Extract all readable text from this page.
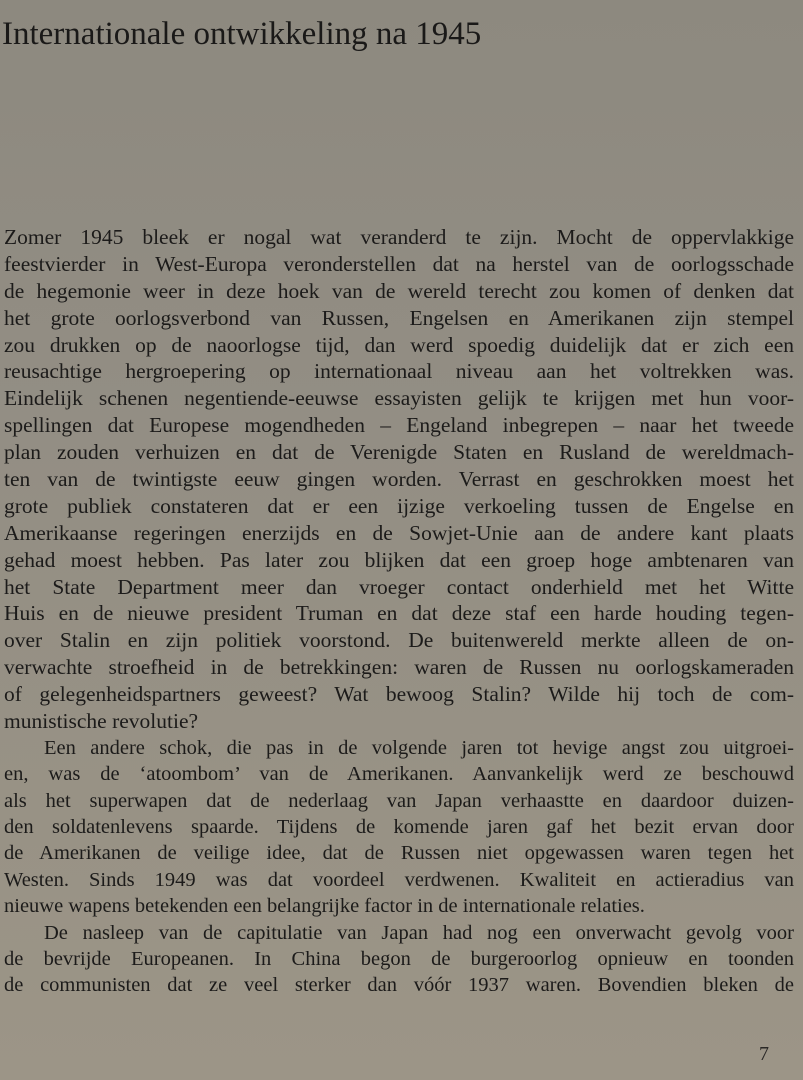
Internationale ontwikkeling na 1945
Zomer 1945 bleek er nogal wat veranderd te zijn. Mocht de oppervlakkige
feestvierder in West-Europa veronderstellen dat na herstel van de oorlogsschade
de hegemonie weer in deze hoek van de wereld terecht zou komen of denken dat
het grote oorlogsverbond van Russen, Engelsen en Amerikanen zijn stempel
zou drukken op de naoorlogse tijd, dan werd spoedig duidelijk dat er zich een
reusachtige hergroepering op internationaal niveau aan het voltrekken was.
Eindelijk schenen negentiende-eeuwse essayisten gelijk te krijgen met hun voor-
spellingen dat Europese mogendheden – Engeland inbegrepen – naar het tweede
plan zouden verhuizen en dat de Verenigde Staten en Rusland de wereldmach-
ten van de twintigste eeuw gingen worden. Verrast en geschrokken moest het
grote publiek constateren dat er een ijzige verkoeling tussen de Engelse en
Amerikaanse regeringen enerzijds en de Sowjet-Unie aan de andere kant plaats
gehad moest hebben. Pas later zou blijken dat een groep hoge ambtenaren van
het State Department meer dan vroeger contact onderhield met het Witte
Huis en de nieuwe president Truman en dat deze staf een harde houding tegen-
over Stalin en zijn politiek voorstond. De buitenwereld merkte alleen de on-
verwachte stroefheid in de betrekkingen: waren de Russen nu oorlogskameraden
of gelegenheidspartners geweest? Wat bewoog Stalin? Wilde hij toch de com-
munistische revolutie?
Een andere schok, die pas in de volgende jaren tot hevige angst zou uitgroei-
en, was de ‘atoombom’ van de Amerikanen. Aanvankelijk werd ze beschouwd
als het superwapen dat de nederlaag van Japan verhaastte en daardoor duizen-
den soldatenlevens spaarde. Tijdens de komende jaren gaf het bezit ervan door
de Amerikanen de veilige idee, dat de Russen niet opgewassen waren tegen het
Westen. Sinds 1949 was dat voordeel verdwenen. Kwaliteit en actieradius van
nieuwe wapens betekenden een belangrijke factor in de internationale relaties.
De nasleep van de capitulatie van Japan had nog een onverwacht gevolg voor
de bevrijde Europeanen. In China begon de burgeroorlog opnieuw en toonden
de communisten dat ze veel sterker dan vóór 1937 waren. Bovendien bleken de
7
